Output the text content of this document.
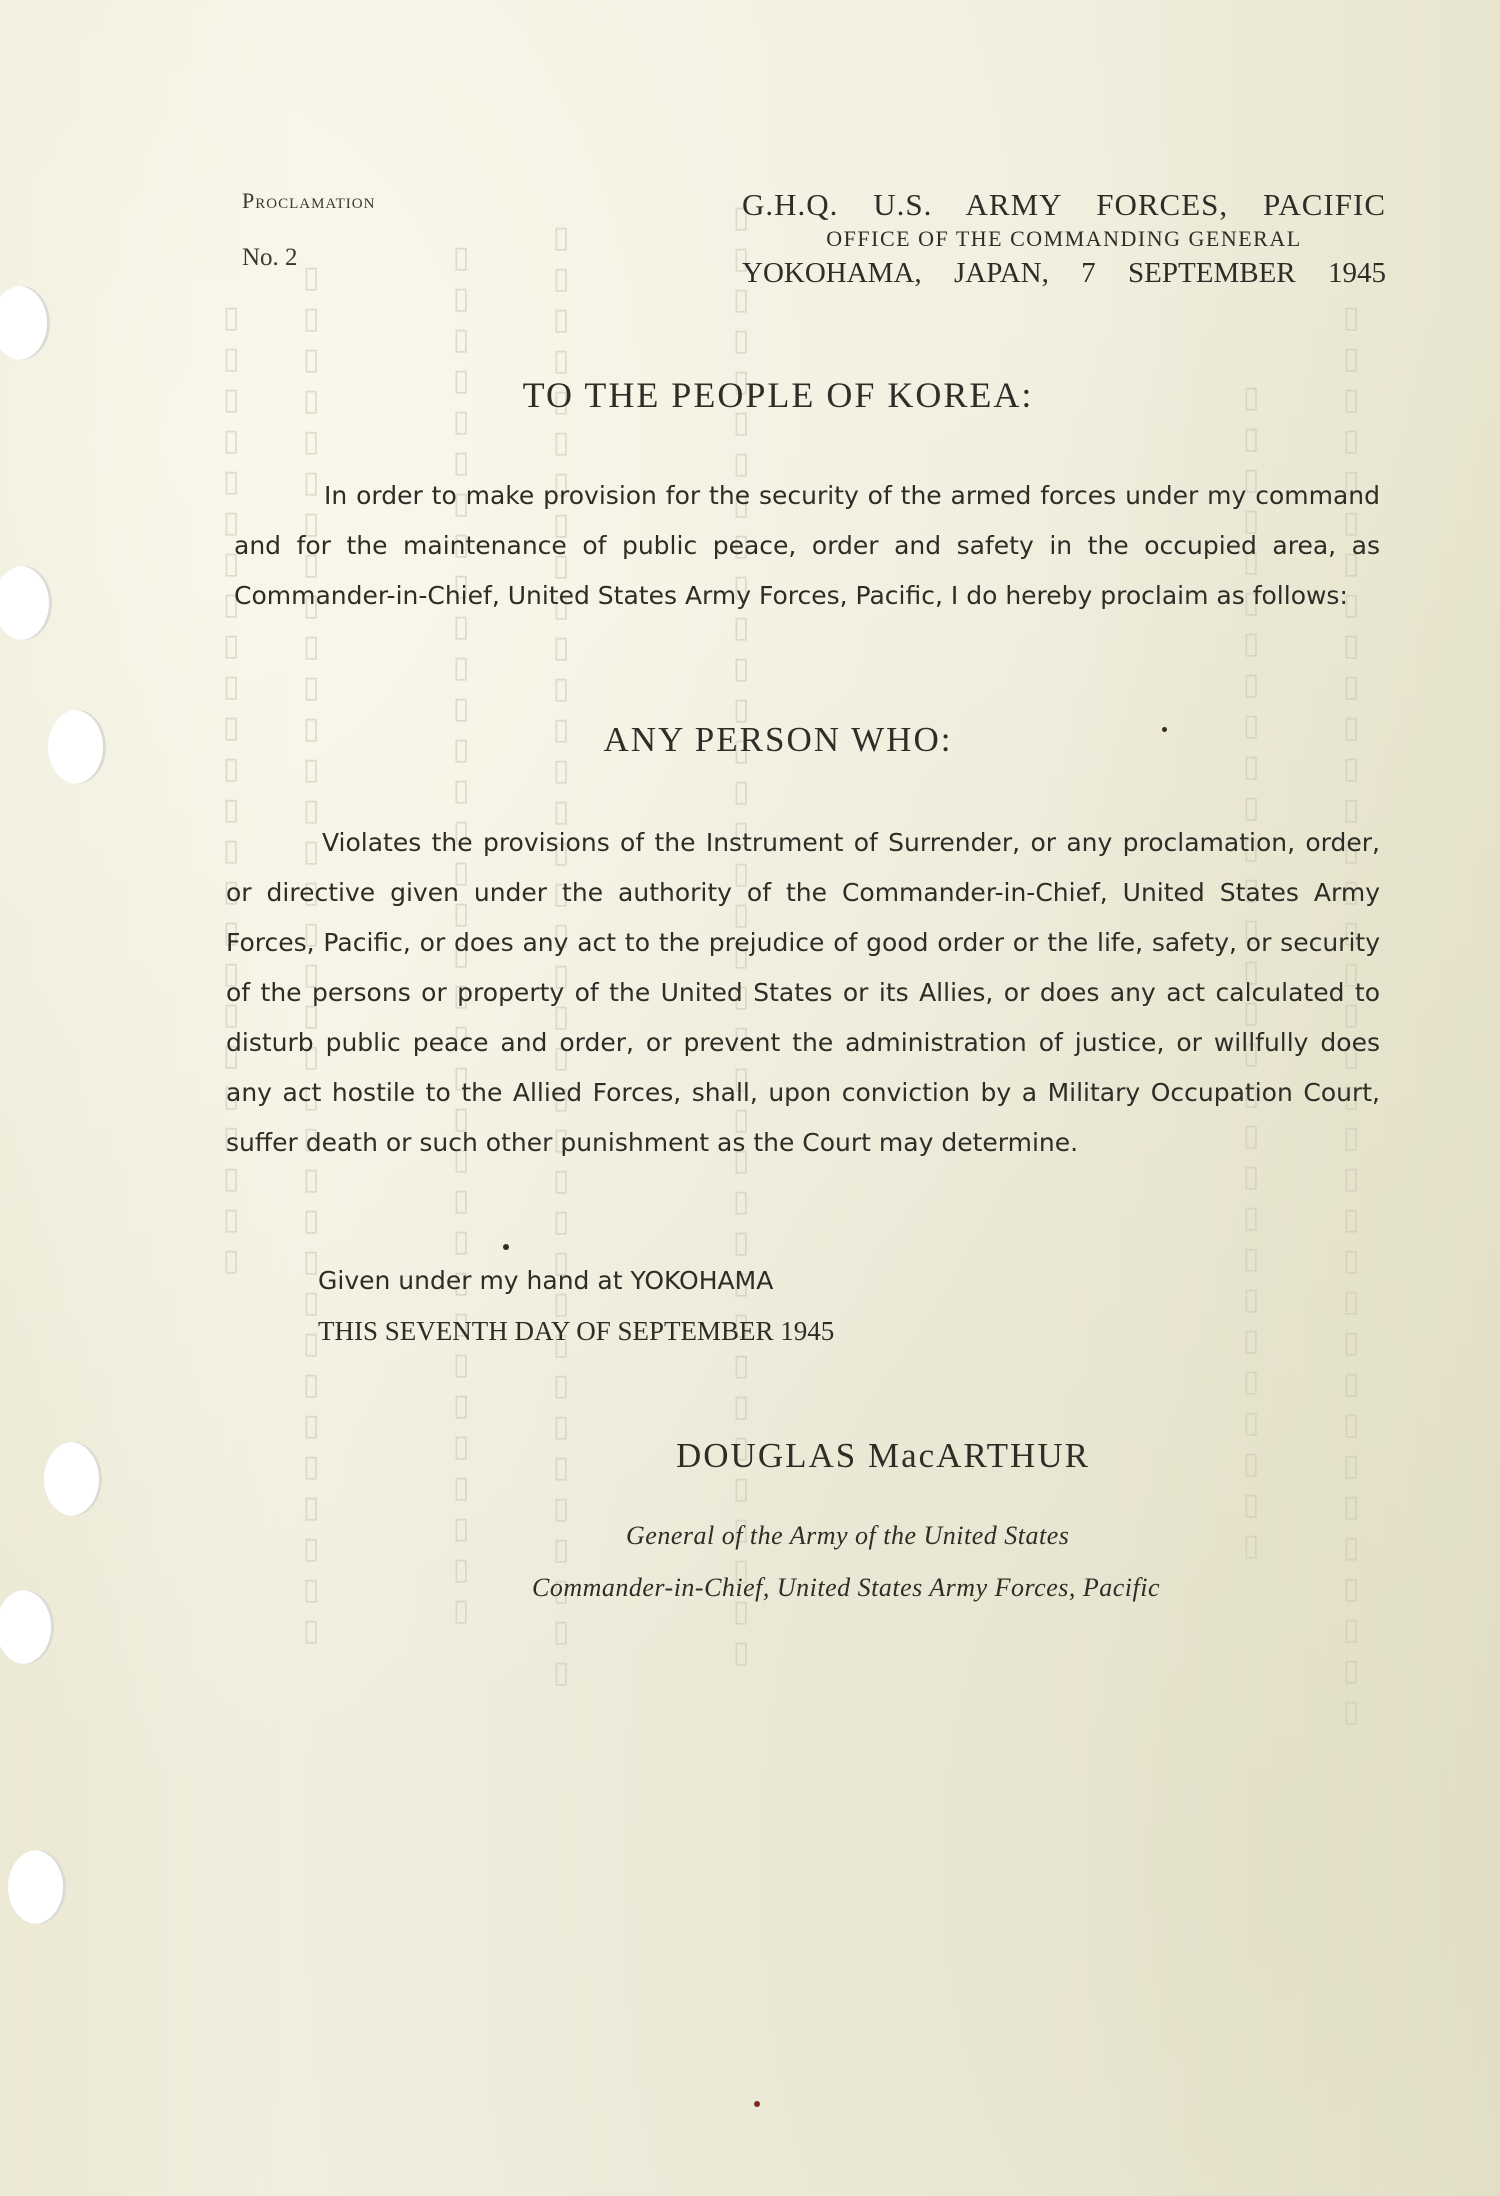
▯▯▯▯▯▯▯▯▯▯▯▯▯▯▯▯▯▯▯▯▯▯▯▯▯▯▯▯▯▯▯▯▯▯▯
▯▯▯▯▯▯▯▯▯▯▯▯▯▯▯▯▯▯▯▯▯▯▯▯▯▯▯▯▯
▯▯▯▯▯▯▯▯▯▯▯▯▯▯▯▯▯▯▯▯▯▯▯▯▯▯▯▯▯▯▯▯▯▯▯▯
▯▯▯▯▯▯▯▯▯▯▯▯▯▯▯▯▯▯▯▯▯▯▯▯▯▯▯▯▯▯▯▯▯▯▯▯
▯▯▯▯▯▯▯▯▯▯▯▯▯▯▯▯▯▯▯▯▯▯▯▯▯▯▯▯▯▯▯▯▯▯
▯▯▯▯▯▯▯▯▯▯▯▯▯▯▯▯▯▯▯▯▯▯▯▯▯▯▯▯▯▯▯▯▯▯
▯▯▯▯▯▯▯▯▯▯▯▯▯▯▯▯▯▯▯▯▯▯▯▯
Proclamation
No. 2

G.H.Q. U.S. ARMY FORCES, PACIFIC

OFFICE OF THE COMMANDING GENERAL

YOKOHAMA, JAPAN, 7 SEPTEMBER 1945

TO THE PEOPLE OF KOREA:

In order to make provision for the security of the armed forces under my command and for the maintenance of public peace, order and safety in the occupied area, as Commander-in-Chief, United States Army Forces, Pacific, I do hereby proclaim as follows:

ANY PERSON WHO:

Violates the provisions of the Instrument of Surrender, or any proclamation, order, or directive given under the authority of the Commander-in-Chief, United States Army Forces, Pacific, or does any act to the prejudice of good order or the life, safety, or security of the persons or property of the United States or its Allies, or does any act calculated to disturb public peace and order, or prevent the administration of justice, or willfully does any act hostile to the Allied Forces, shall, upon conviction by a Military Occupation Court, suffer death or such other punishment as the Court may determine.

Given under my hand at YOKOHAMA
THIS SEVENTH DAY OF SEPTEMBER 1945
DOUGLAS MacARTHUR
General of the Army of the United States
Commander-in-Chief, United States Army Forces, Pacific
